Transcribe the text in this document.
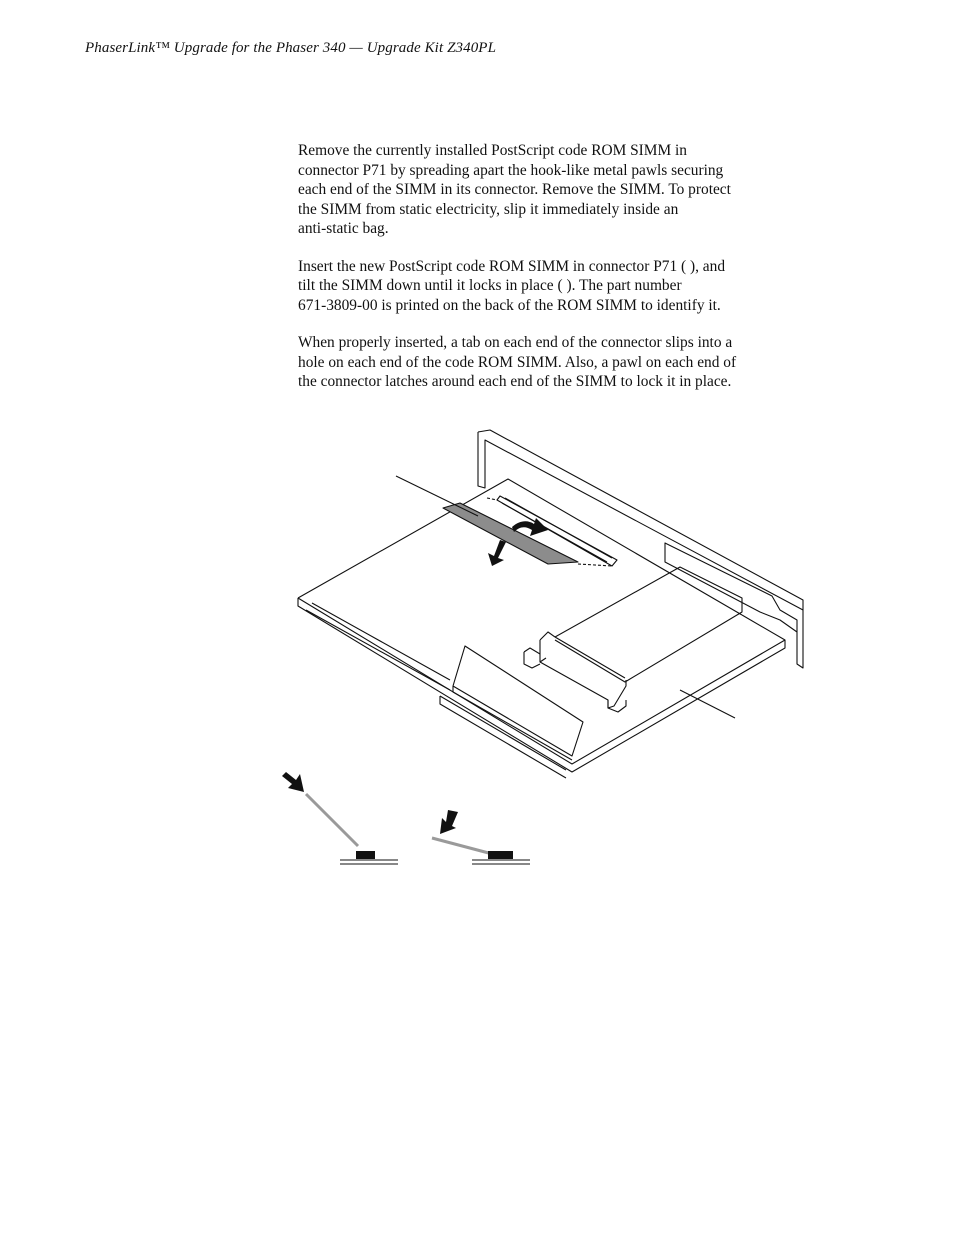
PhaserLink™ Upgrade for the Phaser 340 — Upgrade Kit Z340PL

Remove the currently installed PostScript code ROM SIMM in
connector P71 by spreading apart the hook-like metal pawls securing
each end of the SIMM in its connector. Remove the SIMM. To protect
the SIMM from static electricity, slip it immediately inside an
anti-static bag.

Insert the new PostScript code ROM SIMM in connector P71 ( ), and
tilt the SIMM down until it locks in place ( ). The part number
671-3809-00 is printed on the back of the ROM SIMM to identify it.

When properly inserted, a tab on each end of the connector slips into a
hole on each end of the code ROM SIMM. Also, a pawl on each end of
the connector latches around each end of the SIMM to lock it in place.
